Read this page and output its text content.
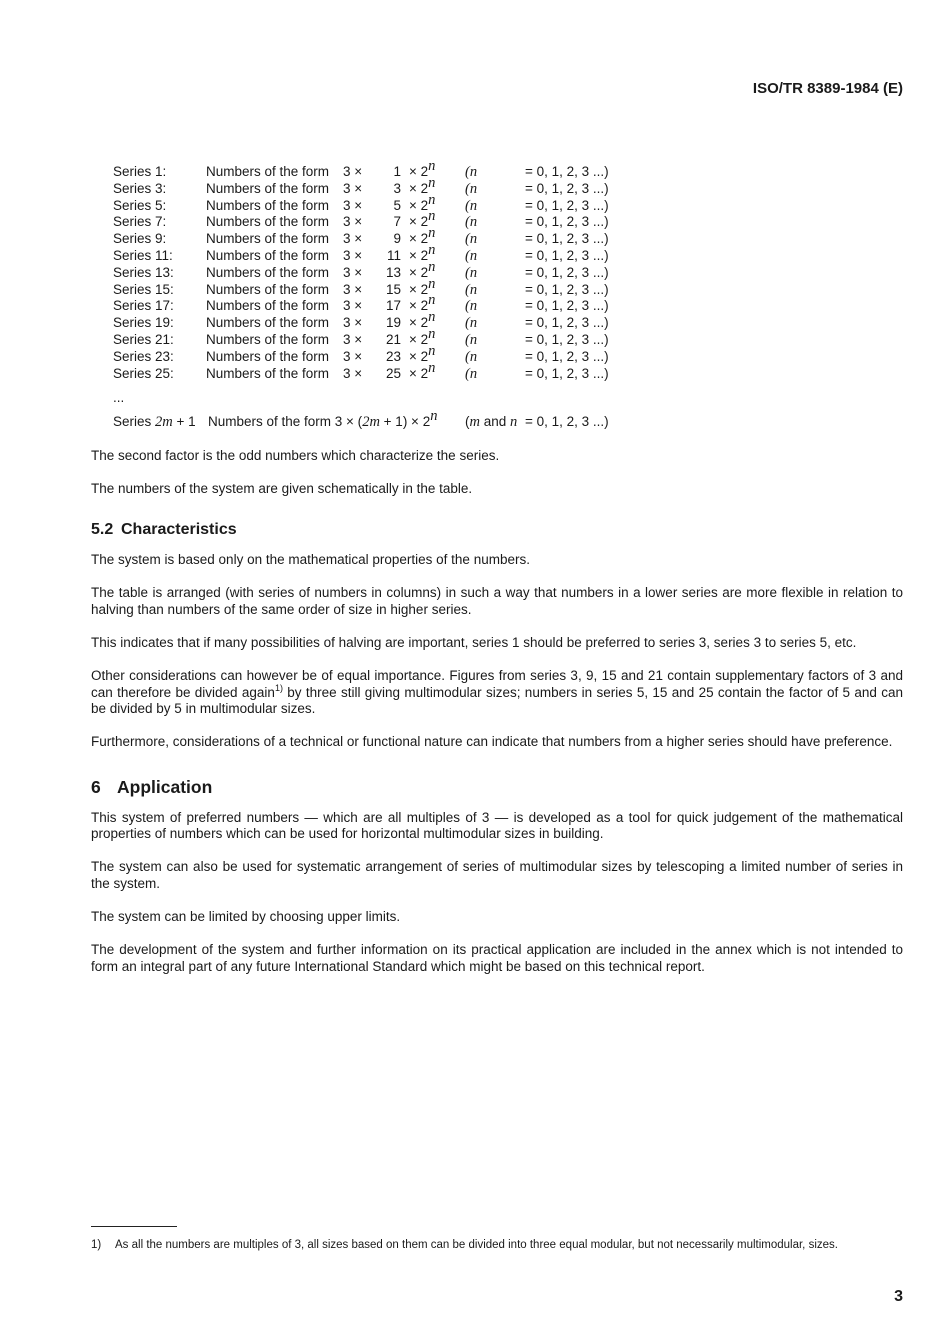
ISO/TR 8389-1984 (E)
Series 1:	Numbers of the form 3 ×	$1 \times 2^n$ (n	= 0, 1, 2, 3 ...)
Series 3:	Numbers of the form 3 ×	$3 \times 2^n$ (n	= 0, 1, 2, 3 ...)
Series 5:	Numbers of the form 3 ×	$5 \times 2^n$ (n	= 0, 1, 2, 3 ...)
Series 7:	Numbers of the form 3 ×	$7 \times 2^n$ (n	= 0, 1, 2, 3 ...)
Series 9:	Numbers of the form 3 ×	$9 \times 2^n$ (n	= 0, 1, 2, 3 ...)
Series 11: Numbers of the form 3 ×	$11 \times 2^n$ (n	= 0, 1, 2, 3 ...)
Series 13: Numbers of the form 3 ×	$13 \times 2^n$ (n	= 0, 1, 2, 3 ...)
Series 15: Numbers of the form 3 ×	$15 \times 2^n$ (n	= 0, 1, 2, 3 ...)
Series 17: Numbers of the form 3 ×	$17 \times 2^n$ (n	= 0, 1, 2, 3 ...)
Series 19: Numbers of the form 3 ×	$19 \times 2^n$ (n	= 0, 1, 2, 3 ...)
Series 21: Numbers of the form 3 ×	$21 \times 2^n$ (n	= 0, 1, 2, 3 ...)
Series 23: Numbers of the form 3 ×	$23 \times 2^n$ (n	= 0, 1, 2, 3 ...)
Series 25: Numbers of the form 3 ×	$25 \times 2^n$ (n	= 0, 1, 2, 3 ...)
...
Series 2m + 1 Numbers of the form $3 \times (2m + 1) \times 2^n$ (m and n = 0, 1, 2, 3 ...)

The second factor is the odd numbers which characterize the series.

The numbers of the system are given schematically in the table.

5.2 Characteristics

The system is based only on the mathematical properties of the numbers.

The table is arranged (with series of numbers in columns) in such a way that numbers in a lower series are more flexible in relation to halving than numbers of the same order of size in higher series.

This indicates that if many possibilities of halving are important, series 1 should be preferred to series 3, series 3 to series 5, etc.

Other considerations can however be of equal importance. Figures from series 3, 9, 15 and 21 contain supplementary factors of 3 and can therefore be divided again$^{1)}$ by three still giving multimodular sizes; numbers in series 5, 15 and 25 contain the factor of 5 and can be divided by 5 in multimodular sizes.

Furthermore, considerations of a technical or functional nature can indicate that numbers from a higher series should have preference.

6 Application

This system of preferred numbers — which are all multiples of 3 — is developed as a tool for quick judgement of the mathematical properties of numbers which can be used for horizontal multimodular sizes in building.

The system can also be used for systematic arrangement of series of multimodular sizes by telescoping a limited number of series in the system.

The system can be limited by choosing upper limits.

The development of the system and further information on its practical application are included in the annex which is not intended to form an integral part of any future International Standard which might be based on this technical report.

1) As all the numbers are multiples of 3, all sizes based on them can be divided into three equal modular, but not necessarily multimodular, sizes.
3
